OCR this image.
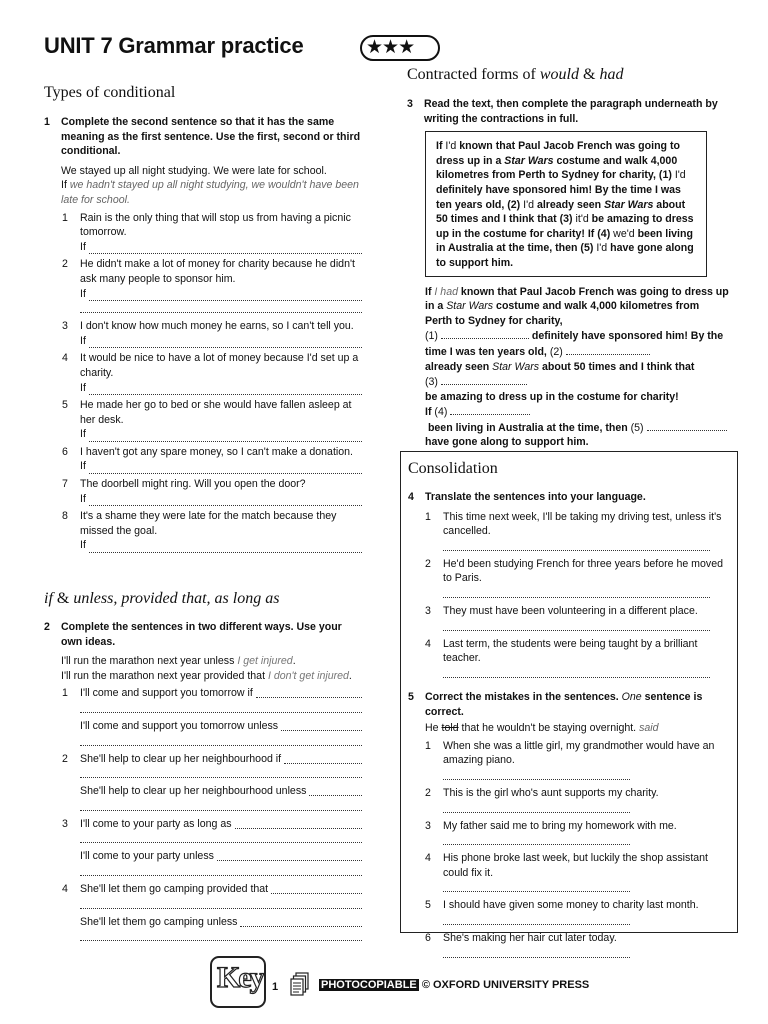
UNIT 7 Grammar practice	★★★
Types of conditional
if & unless, provided that, as long as
Contracted forms of would & had
1	Complete the second sentence so that it has the same meaning as the first sentence. Use the first, second or third conditional.
We stayed up all night studying. We were late for school.
If we hadn't stayed up all night studying, we wouldn't have been late for school.
1	Rain is the only thing that will stop us from having a picnic tomorrow.
If
2	He didn't make a lot of money for charity because he didn't ask many people to sponsor him.
If
3	I don't know how much money he earns, so I can't tell you.
If
4	It would be nice to have a lot of money because I'd set up a charity.
If
5	He made her go to bed or she would have fallen asleep at her desk.
If
6	I haven't got any spare money, so I can't make a donation.
If
7	The doorbell might ring. Will you open the door?
If
8	It's a shame they were late for the match because they missed the goal.
If
2	Complete the sentences in two different ways. Use your own ideas.
I'll run the marathon next year unless I get injured.
I'll run the marathon next year provided that I don't get injured.
1	I'll come and support you tomorrow if
I'll come and support you tomorrow unless
2	She'll help to clear up her neighbourhood if
She'll help to clear up her neighbourhood unless
3	I'll come to your party as long as
I'll come to your party unless
4	She'll let them go camping provided that
She'll let them go camping unless
3	Read the text, then complete the paragraph underneath by writing the contractions in full.
If I'd known that Paul Jacob French was going to dress up in a Star Wars costume and walk 4,000 kilometres from Perth to Sydney for charity, (1) I'd definitely have sponsored him! By the time I was ten years old, (2) I'd already seen Star Wars about 50 times and I think that (3) it'd be amazing to dress up in the costume for charity! If (4) we'd been living in Australia at the time, then (5) I'd have gone along to support him.
If I had known that Paul Jacob French was going to dress up in a Star Wars costume and walk 4,000 kilometres from Perth to Sydney for charity,
(1)	definitely have sponsored him! By the time I was ten years old, (2)
already seen Star Wars about 50 times and I think that
(3)
be amazing to dress up in the costume for charity!
If (4)  been living in Australia at the time, then (5)  have gone along to support him.
Consolidation
4	Translate the sentences into your language.
1	This time next week, I'll be taking my driving test, unless it's cancelled.
2	He'd been studying French for three years before he moved to Paris.
3	They must have been volunteering in a different place.
4	Last term, the students were being taught by a brilliant teacher.
5	Correct the mistakes in the sentences. One sentence is correct.
He told that he wouldn't be staying overnight. said
1	When she was a little girl, my grandmother would have an amazing piano.
2	This is the girl who's aunt supports my charity.
3	My father said me to bring my homework with me.
4	His phone broke last week, but luckily the shop assistant could fix it.
5	I should have given some money to charity last month.
6	She's making her hair cut later today.
Key 1	PHOTOCOPIABLE © OXFORD UNIVERSITY PRESS
